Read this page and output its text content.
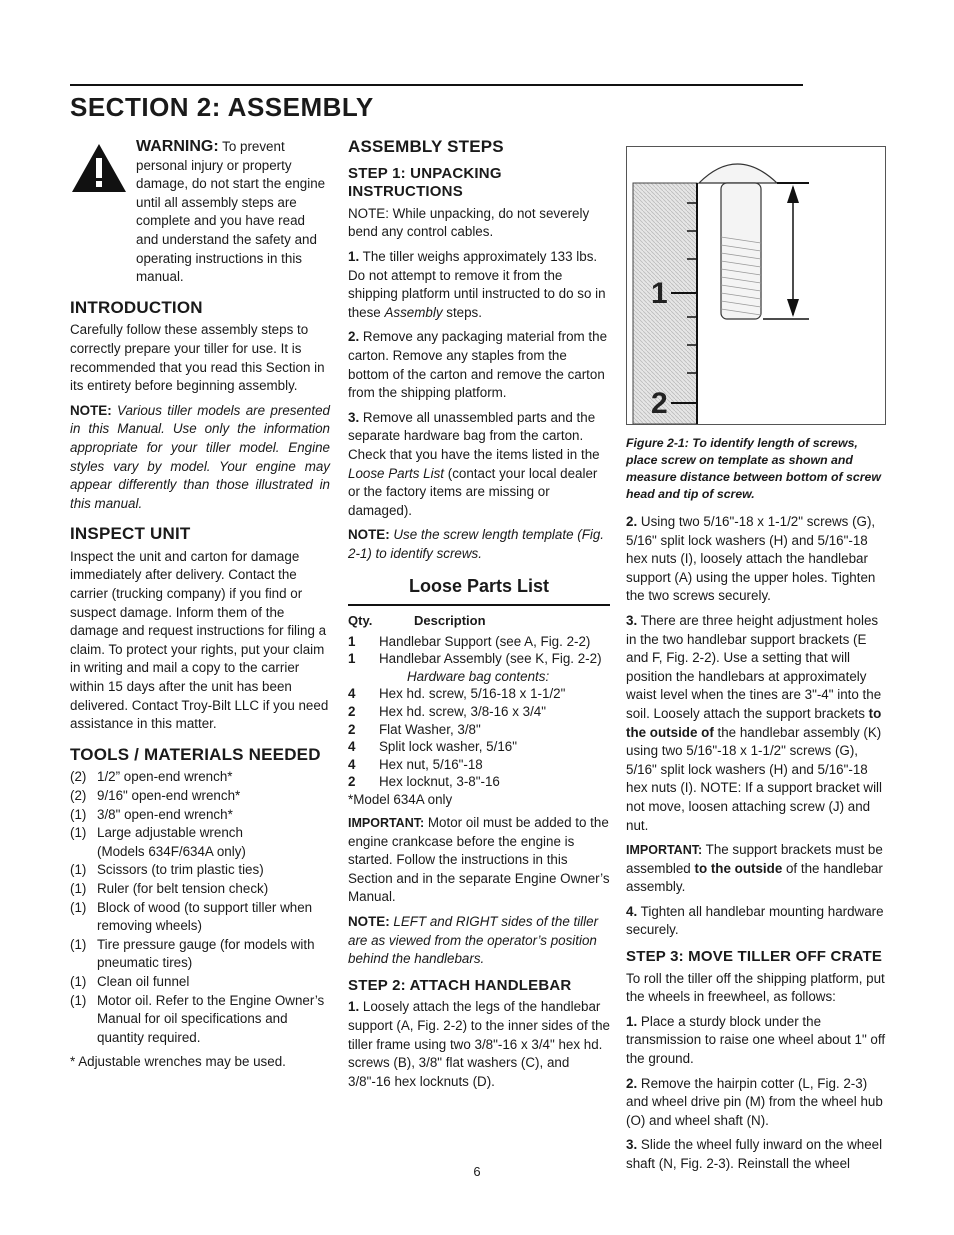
SECTION 2: ASSEMBLY
WARNING: To prevent personal injury or property damage, do not start the engine until all assembly steps are complete and you have read and understand the safety and operating instructions in this manual.
INTRODUCTION

Carefully follow these assembly steps to correctly prepare your tiller for use. It is recommended that you read this Section in its entirety before beginning assembly.

NOTE: Various tiller models are presented in this Manual. Use only the information appropriate for your tiller model. Engine styles vary by model. Your engine may appear differently than those illustrated in this manual.

INSPECT UNIT

Inspect the unit and carton for damage immediately after delivery. Contact the carrier (trucking company) if you find or suspect damage. Inform them of the damage and request instructions for filing a claim. To protect your rights, put your claim in writing and mail a copy to the carrier within 15 days after the unit has been delivered. Contact Troy-Bilt LLC if you need assistance in this matter.

TOOLS / MATERIALS NEEDED
(2) 1/2” open-end wrench*
(2) 9/16" open-end wrench*
(1) 3/8" open-end wrench*
(1) Large adjustable wrench
(Models 634F/634A only)
(1) Scissors (to trim plastic ties)
(1) Ruler (for belt tension check)
(1) Block of wood (to support tiller when
removing wheels)
(1) Tire pressure gauge (for models with
pneumatic tires)
(1) Clean oil funnel
(1) Motor oil. Refer to the Engine Owner’s
Manual for oil specifications and quantity required.

* Adjustable wrenches may be used.

ASSEMBLY STEPS
STEP 1: UNPACKING INSTRUCTIONS

NOTE: While unpacking, do not severely bend any control cables.

1. The tiller weighs approximately 133 lbs. Do not attempt to remove it from the shipping platform until instructed to do so in these Assembly steps.

2. Remove any packaging material from the carton. Remove any staples from the bottom of the carton and remove the carton from the shipping platform.

3. Remove all unassembled parts and the separate hardware bag from the carton. Check that you have the items listed in the Loose Parts List (contact your local dealer or the factory items are missing or damaged).

NOTE: Use the screw length template (Fig. 2-1) to identify screws.

Loose Parts List
Qty.	Description
1	Handlebar Support (see A, Fig. 2-2)
1	Handlebar Assembly (see K, Fig. 2-2)
Hardware bag contents:
4	Hex hd. screw, 5/16-18 x 1-1/2"
2	Hex hd. screw, 3/8-16 x 3/4"
2	Flat Washer, 3/8"
4	Split lock washer, 5/16"
4	Hex nut, 5/16"-18
2	Hex locknut, 3-8"-16

*Model 634A only

IMPORTANT: Motor oil must be added to the engine crankcase before the engine is started. Follow the instructions in this Section and in the separate Engine Owner’s Manual.

NOTE: LEFT and RIGHT sides of the tiller are as viewed from the operator’s position behind the handlebars.

STEP 2: ATTACH HANDLEBAR

1. Loosely attach the legs of the handlebar support (A, Fig. 2-2) to the inner sides of the tiller frame using two 3/8"-16 x 3/4" hex hd. screws (B), 3/8" flat washers (C), and 3/8"-16 hex locknuts (D).

1
2
Figure 2-1: To identify length of screws, place screw on template as shown and measure distance between bottom of screw head and tip of screw.

2. Using two 5/16"-18 x 1-1/2" screws (G), 5/16" split lock washers (H) and 5/16"-18 hex nuts (I), loosely attach the handlebar support (A) using the upper holes. Tighten the two screws securely.

3. There are three height adjustment holes in the two handlebar support brackets (E and F, Fig. 2-2). Use a setting that will position the handlebars at approximately waist level when the tines are 3"-4" into the soil. Loosely attach the support brackets to the outside of the handlebar assembly (K) using two 5/16"-18 x 1-1/2" screws (G), 5/16" split lock washers (H) and 5/16"-18 hex nuts (I). NOTE: If a support bracket will not move, loosen attaching screw (J) and nut.

IMPORTANT: The support brackets must be assembled to the outside of the handlebar assembly.

4. Tighten all handlebar mounting hardware securely.

STEP 3: MOVE TILLER OFF CRATE

To roll the tiller off the shipping platform, put the wheels in freewheel, as follows:

1. Place a sturdy block under the transmission to raise one wheel about 1" off the ground.

2. Remove the hairpin cotter (L, Fig. 2-3) and wheel drive pin (M) from the wheel hub (O) and wheel shaft (N).

3. Slide the wheel fully inward on the wheel shaft (N, Fig. 2-3). Reinstall the wheel

6
